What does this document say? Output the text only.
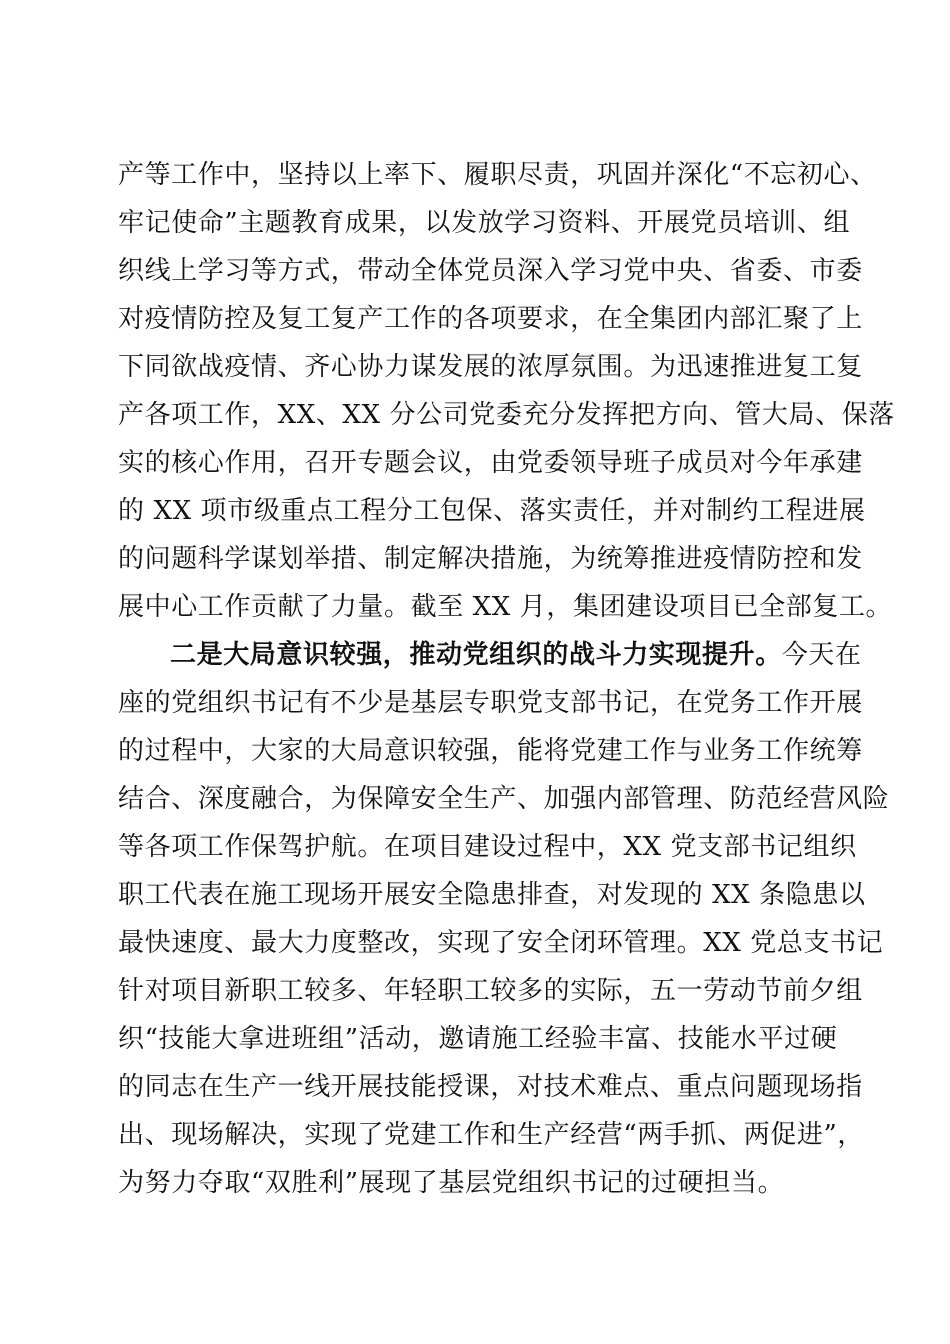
产等工作中，坚持以上率下、履职尽责，巩固并深化“不忘初心、
牢记使命”主题教育成果，以发放学习资料、开展党员培训、组
织线上学习等方式，带动全体党员深入学习党中央、省委、市委
对疫情防控及复工复产工作的各项要求，在全集团内部汇聚了上
下同欲战疫情、齐心协力谋发展的浓厚氛围。为迅速推进复工复
产各项工作，XX、XX 分公司党委充分发挥把方向、管大局、保落
实的核心作用，召开专题会议，由党委领导班子成员对今年承建
的 XX 项市级重点工程分工包保、落实责任，并对制约工程进展
的问题科学谋划举措、制定解决措施，为统筹推进疫情防控和发
展中心工作贡献了力量。截至 XX 月，集团建设项目已全部复工。
二是大局意识较强，推动党组织的战斗力实现提升。今天在
座的党组织书记有不少是基层专职党支部书记，在党务工作开展
的过程中，大家的大局意识较强，能将党建工作与业务工作统筹
结合、深度融合，为保障安全生产、加强内部管理、防范经营风险
等各项工作保驾护航。在项目建设过程中，XX 党支部书记组织
职工代表在施工现场开展安全隐患排查，对发现的 XX 条隐患以
最快速度、最大力度整改，实现了安全闭环管理。XX 党总支书记
针对项目新职工较多、年轻职工较多的实际，五一劳动节前夕组
织“技能大拿进班组”活动，邀请施工经验丰富、技能水平过硬
的同志在生产一线开展技能授课，对技术难点、重点问题现场指
出、现场解决，实现了党建工作和生产经营“两手抓、两促进”，
为努力夺取“双胜利”展现了基层党组织书记的过硬担当。
